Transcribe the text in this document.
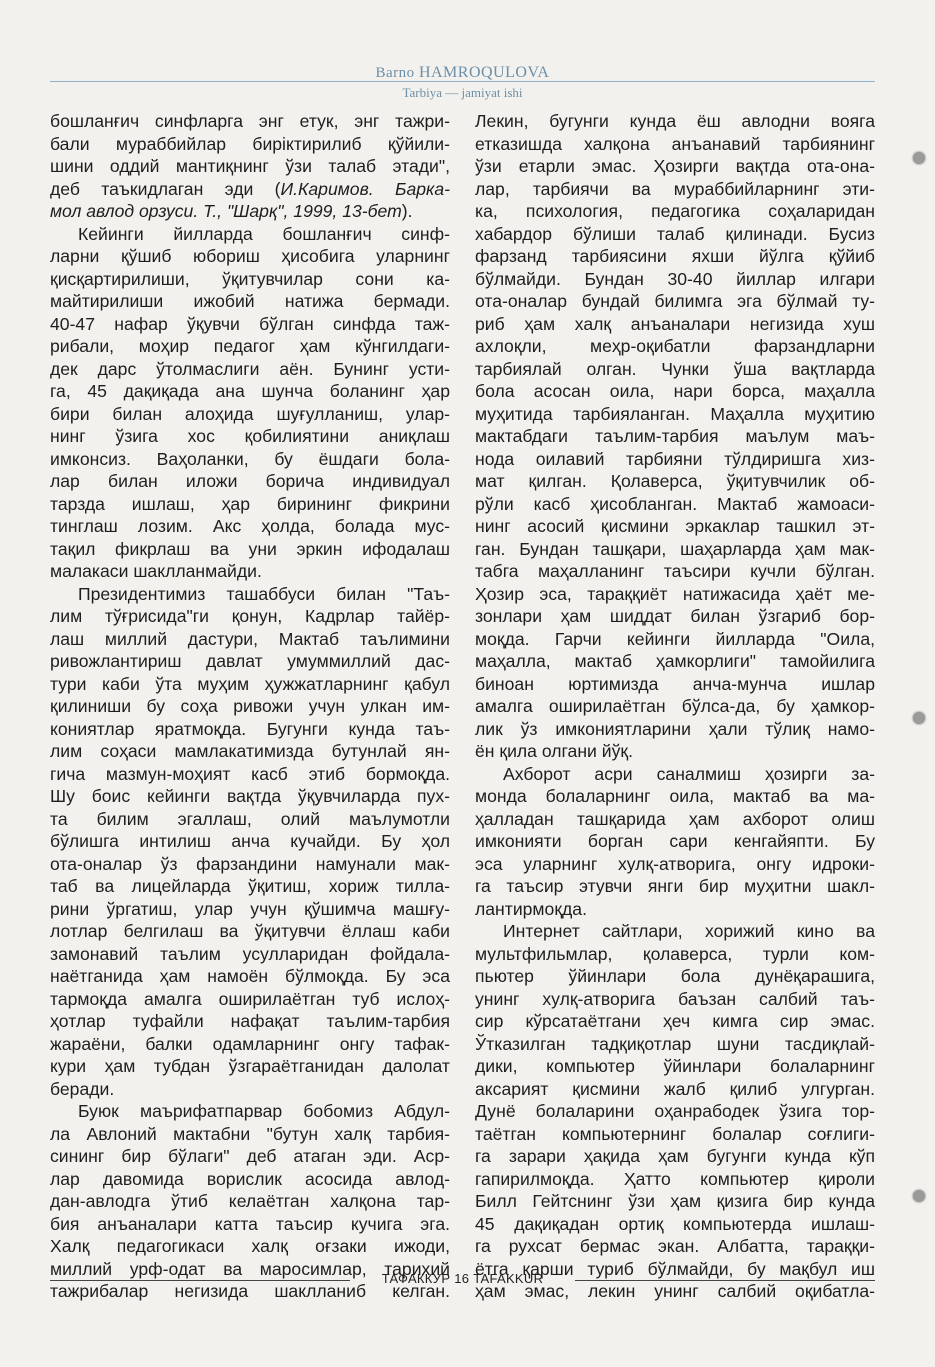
Barno HAMROQULOVA
Tarbiya — jamiyat ishi
бошланғич синфларга энг етук, энг тажри-
бали мураббийлар биріктирилиб қўйили-
шини оддий мантиқнинг ўзи талаб этади",
деб таъкидлаган эди (И.Каримов. Барка-
мол авлод орзуси. Т., "Шарқ", 1999, 13-бет).
Кейинги йилларда бошланғич синф-
ларни қўшиб юбориш ҳисобига уларнинг
қисқартирилиши, ўқитувчилар сони ка-
майтирилиши ижобий натижа бермади.
40-47 нафар ўқувчи бўлган синфда таж-
рибали, моҳир педагог ҳам кўнгилдаги-
дек дарс ўтолмаслиги аён. Бунинг усти-
га, 45 дақиқада ана шунча боланинг ҳар
бири билан алоҳида шуғулланиш, улар-
нинг ўзига хос қобилиятини аниқлаш
имконсиз. Ваҳоланки, бу ёшдаги бола-
лар билан иложи борича индивидуал
тарзда ишлаш, ҳар бирининг фикрини
тинглаш лозим. Акс ҳолда, болада мус-
тақил фикрлаш ва уни эркин ифодалаш
малакаси шаклланмайди.
Президентимиз ташаббуси билан "Таъ-
лим тўғрисида"ги қонун, Кадрлар тайёр-
лаш миллий дастури, Мактаб таълимини
ривожлантириш давлат умуммиллий дас-
тури каби ўта муҳим ҳужжатларнинг қабул
қилиниши бу соҳа ривожи учун улкан им-
кониятлар яратмоқда. Бугунги кунда таъ-
лим соҳаси мамлакатимизда бутунлай ян-
гича мазмун-моҳият касб этиб бормоқда.
Шу боис кейинги вақтда ўқувчиларда пух-
та билим эгаллаш, олий маълумотли
бўлишга интилиш анча кучайди. Бу ҳол
ота-оналар ўз фарзандини намунали мак-
таб ва лицейларда ўқитиш, хориж тилла-
рини ўргатиш, улар учун қўшимча машғу-
лотлар белгилаш ва ўқитувчи ёллаш каби
замонавий таълим усулларидан фойдала-
наётганида ҳам намоён бўлмоқда. Бу эса
тармоқда амалга оширилаётган туб ислоҳ-
ҳотлар туфайли нафақат таълим-тарбия
жараёни, балки одамларнинг онгу тафак-
кури ҳам тубдан ўзгараётганидан далолат
беради.
Буюк маърифатпарвар бобомиз Абдул-
ла Авлоний мактабни "бутун халқ тарбия-
сининг бир бўлаги" деб атаган эди. Аср-
лар давомида ворислик асосида авлод-
дан-авлодга ўтиб келаётган халқона тар-
бия анъаналари катта таъсир кучига эга.
Халқ педагогикаси халқ оғзаки ижоди,
миллий урф-одат ва маросимлар, тарихий
тажрибалар негизида шаклланиб келган.
Лекин, бугунги кунда ёш авлодни вояга
етказишда халқона анъанавий тарбиянинг
ўзи етарли эмас. Ҳозирги вақтда ота-она-
лар, тарбиячи ва мураббийларнинг эти-
ка, психология, педагогика соҳаларидан
хабардор бўлиши талаб қилинади. Бусиз
фарзанд тарбиясини яхши йўлга қўйиб
бўлмайди. Бундан 30-40 йиллар илгари
ота-оналар бундай билимга эга бўлмай ту-
риб ҳам халқ анъаналари негизида хуш
ахлоқли, меҳр-оқибатли фарзандларни
тарбиялай олган. Чунки ўша вақтларда
бола асосан оила, нари борса, маҳалла
муҳитида тарбияланган. Маҳалла муҳитию
мактабдаги таълим-тарбия маълум маъ-
нода оилавий тарбияни тўлдиришга хиз-
мат қилган. Қолаверса, ўқитувчилик об-
рўли касб ҳисобланган. Мактаб жамоаси-
нинг асосий қисмини эркаклар ташкил эт-
ган. Бундан ташқари, шаҳарларда ҳам мак-
табга маҳалланинг таъсири кучли бўлган.
Ҳозир эса, тараққиёт натижасида ҳаёт ме-
зонлари ҳам шиддат билан ўзгариб бор-
моқда. Гарчи кейинги йилларда "Оила,
маҳалла, мактаб ҳамкорлиги" тамойилига
биноан юртимизда анча-мунча ишлар
амалга оширилаётган бўлса-да, бу ҳамкор-
лик ўз имкониятларини ҳали тўлиқ намо-
ён қила олгани йўқ.
Ахборот асри саналмиш ҳозирги за-
монда болаларнинг оила, мактаб ва ма-
ҳалладан ташқарида ҳам ахборот олиш
имконияти борган сари кенгайяпти. Бу
эса уларнинг хулқ-атворига, онгу идроки-
га таъсир этувчи янги бир муҳитни шакл-
лантирмоқда.
Интернет сайтлари, хорижий кино ва
мультфильмлар, қолаверса, турли ком-
пьютер ўйинлари бола дунёқарашига,
унинг хулқ-атворига баъзан салбий таъ-
сир кўрсатаётгани ҳеч кимга сир эмас.
Ўтказилган тадқиқотлар шуни тасдиқлай-
дики, компьютер ўйинлари болаларнинг
аксарият қисмини жалб қилиб улгурган.
Дунё болаларини оҳанрабодек ўзига тор-
таётган компьютернинг болалар соғлиги-
га зарари ҳақида ҳам бугунги кунда кўп
гапирилмоқда. Ҳатто компьютер қироли
Билл Гейтснинг ўзи ҳам қизига бир кунда
45 дақиқадан ортиқ компьютерда ишлаш-
га рухсат бермас экан. Албатта, тараққи-
ётга қарши туриб бўлмайди, бу мақбул иш
ҳам эмас, лекин унинг салбий оқибатла-
ТАФАККУР 16 TAFAKKUR
